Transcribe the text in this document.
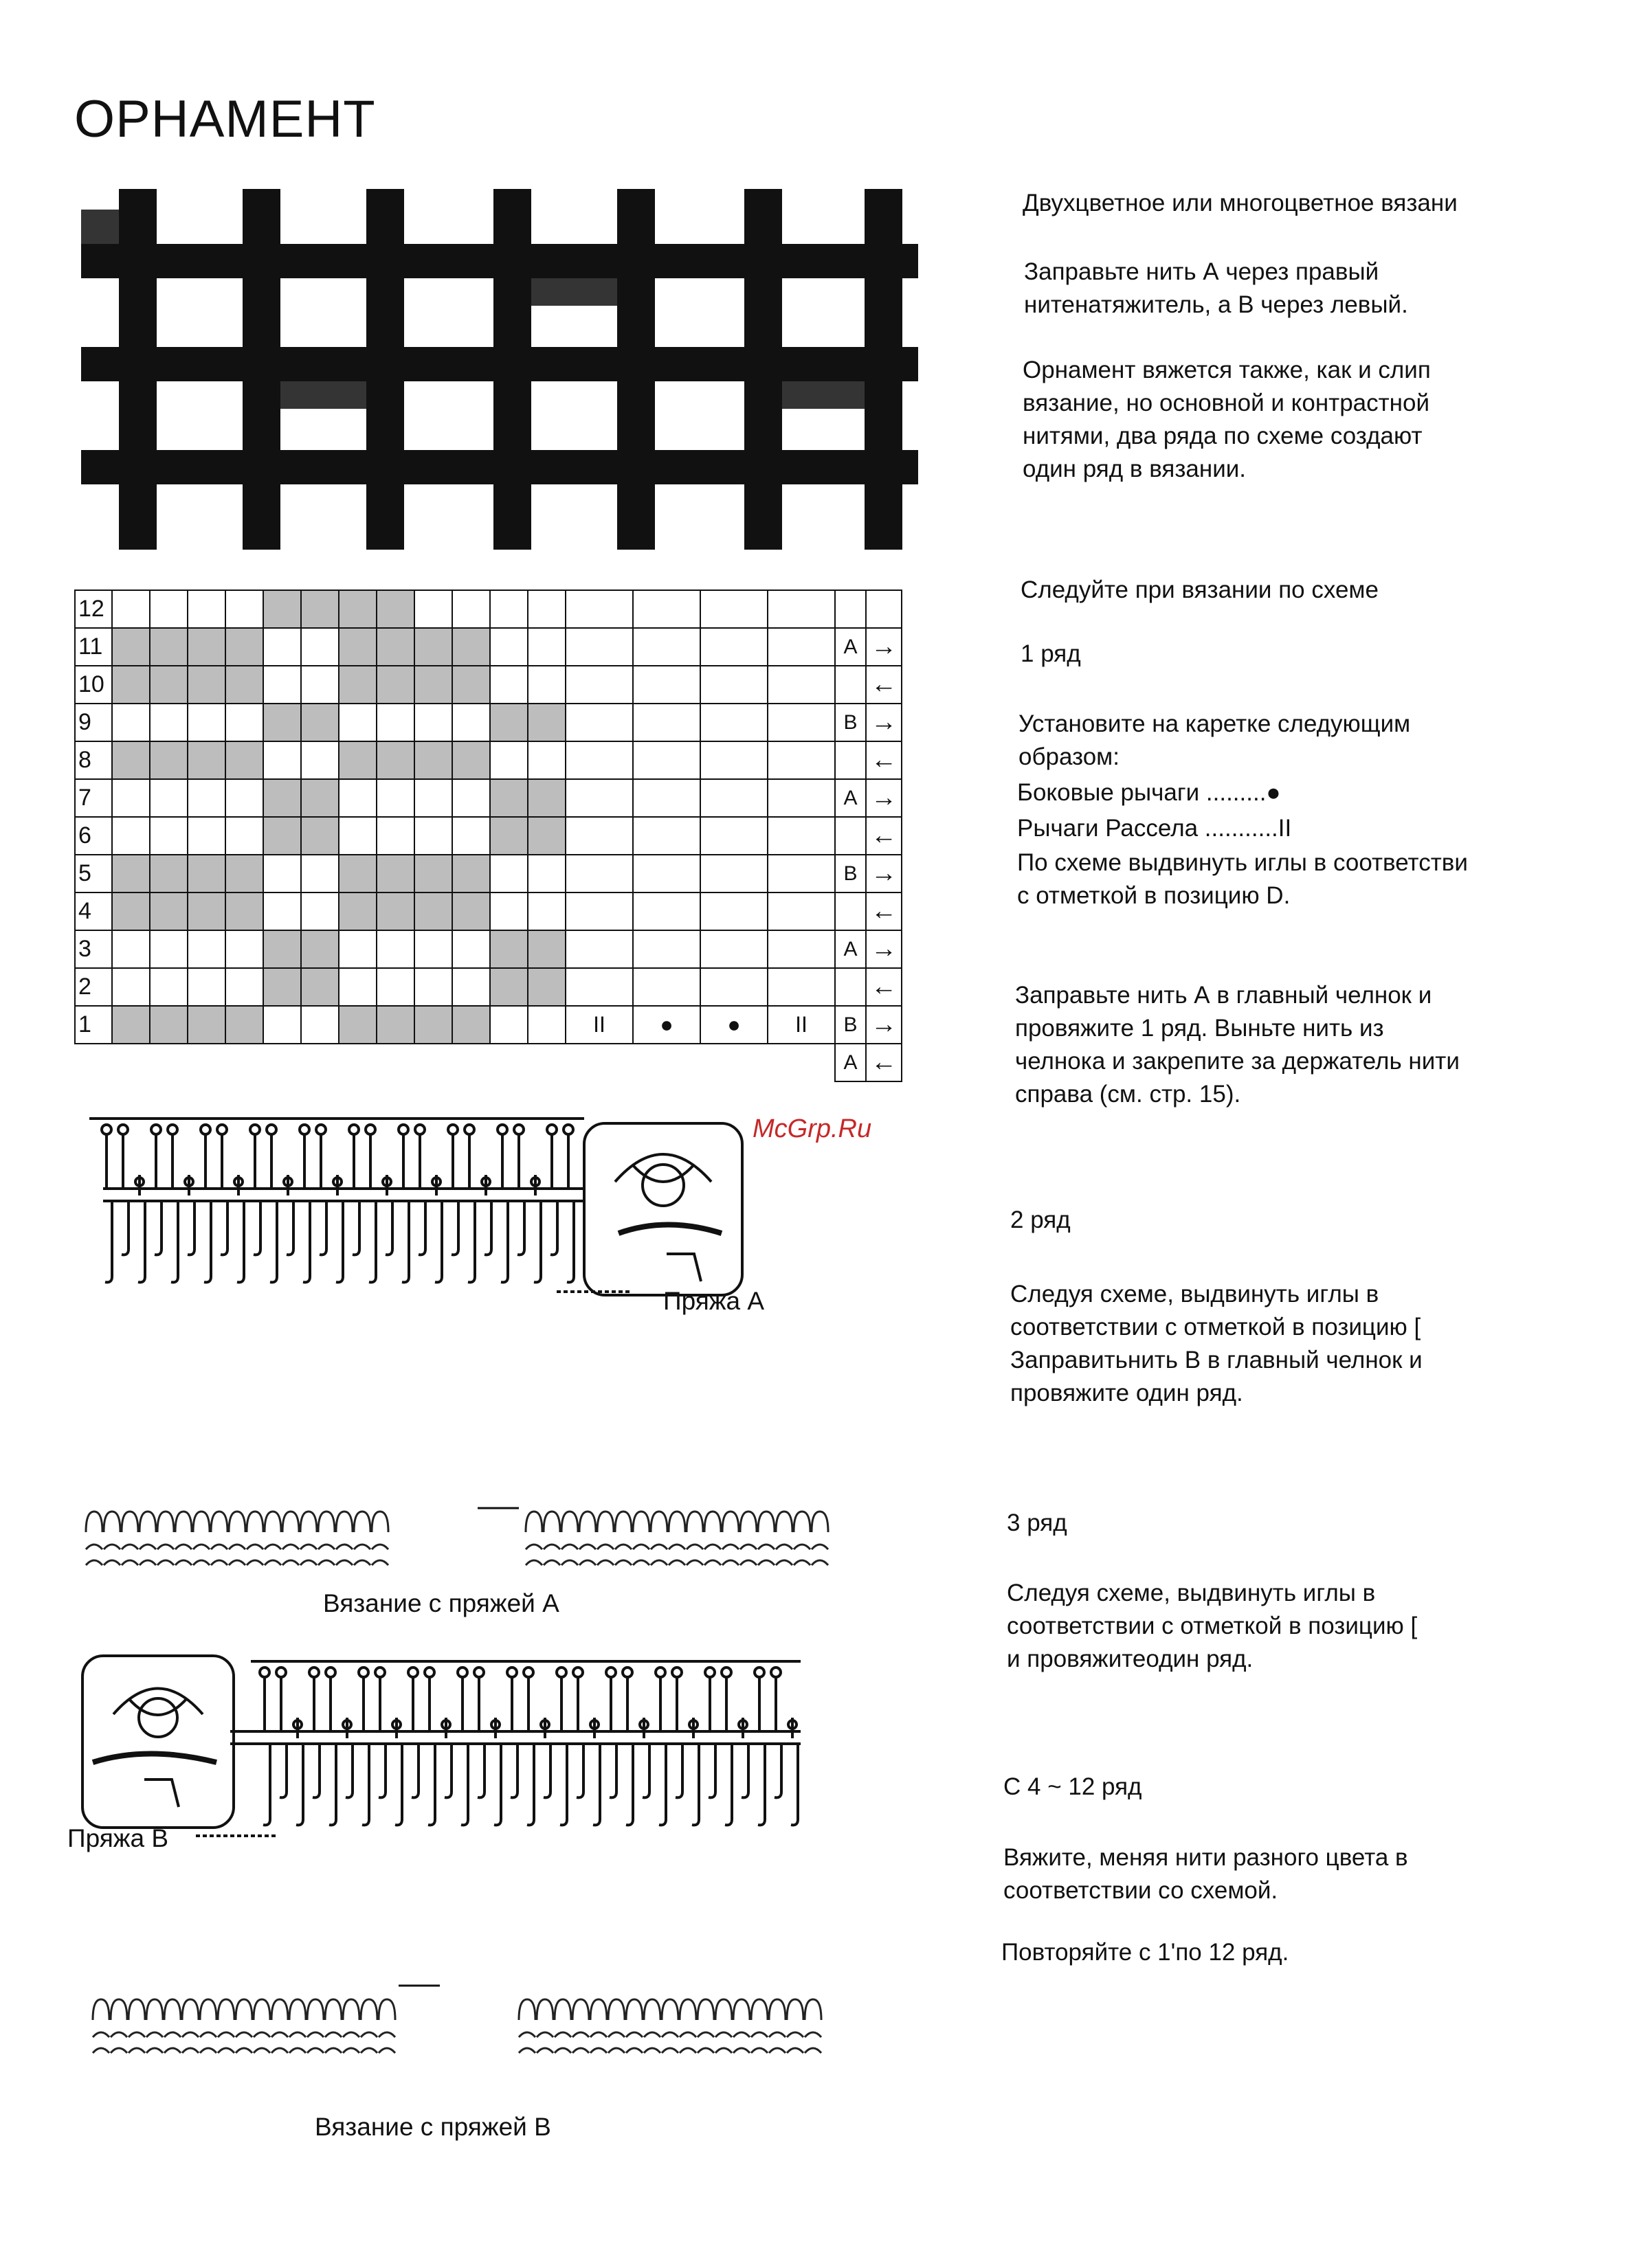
ОРНАМЕНТ
Двухцветное или многоцветное вязани
Заправьте нить А через правый
нитенатяжитель, а В через левый.
Орнамент вяжется также, как и слип
вязание, но основной и контрастной
нитями, два ряда по схеме создают
один ряд в вязании.
Следуйте при вязании по схеме
1 ряд
Установите на каретке следующим
образом:
Боковые рычаги .........●
Рычаги Рассела ...........II
По схеме выдвинуть иглы в соответстви
с отметкой в позицию D.
Заправьте нить А в главный челнок и
провяжите 1 ряд. Выньте нить из
челнока и закрепите за держатель нити
справа (см. стр. 15).
2 ряд
Следуя схеме, выдвинуть иглы в
соответствии с отметкой в позицию [
Заправитьнить В в главный челнок и
провяжите один ряд.
3 ряд
Следуя схеме, выдвинуть иглы в
соответствии с отметкой в позицию [
и провяжитеодин ряд.
С 4 ~ 12 ряд
Вяжите, меняя нити разного цвета в
соответствии со схемой.
Повторяйте с 1'по 12 ряд.
McGrp.Ru
12																		
11																	A	→
10																		←
9																	B	→
8																		←
7																	A	→
6																		←
5																	B	→
4																		←
3																	A	→
2																		←
1													II	●	●	II	B	→
																	A	←
Пряжа А
Вязание с пряжей А
Пряжа В
Вязание с пряжей В
